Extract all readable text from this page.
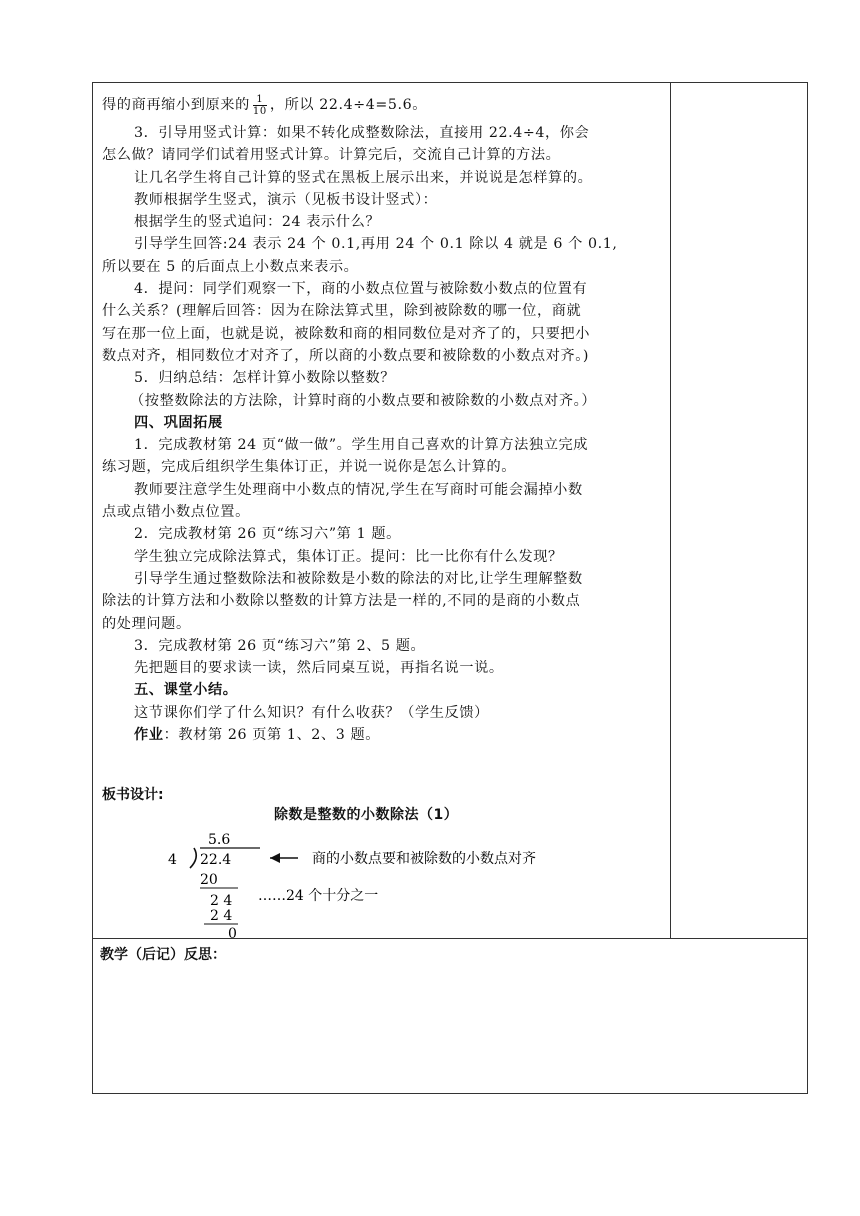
得的商再缩小到原来的 $\frac{1}{10}$ ，所以 22.4÷4=5.6。
3．引导用竖式计算：如果不转化成整数除法，直接用 22.4÷4，你会
怎么做？请同学们试着用竖式计算。计算完后，交流自己计算的方法。
让几名学生将自己计算的竖式在黑板上展示出来，并说说是怎样算的。
教师根据学生竖式，演示（见板书设计竖式）：
根据学生的竖式追问：24 表示什么？
引导学生回答:24 表示 24 个 0.1,再用 24 个 0.1 除以 4 就是 6 个 0.1,
所以要在 5 的后面点上小数点来表示。
4．提问：同学们观察一下，商的小数点位置与被除数小数点的位置有
什么关系？(理解后回答：因为在除法算式里，除到被除数的哪一位，商就
写在那一位上面，也就是说，被除数和商的相同数位是对齐了的，只要把小
数点对齐，相同数位才对齐了，所以商的小数点要和被除数的小数点对齐。)
5．归纳总结：怎样计算小数除以整数？
（按整数除法的方法除，计算时商的小数点要和被除数的小数点对齐。）
四、巩固拓展
1．完成教材第 24 页“做一做”。学生用自己喜欢的计算方法独立完成
练习题，完成后组织学生集体订正，并说一说你是怎么计算的。
教师要注意学生处理商中小数点的情况,学生在写商时可能会漏掉小数
点或点错小数点位置。
2．完成教材第 26 页“练习六”第 1 题。
学生独立完成除法算式，集体订正。提问：比一比你有什么发现？
引导学生通过整数除法和被除数是小数的除法的对比,让学生理解整数
除法的计算方法和小数除以整数的计算方法是一样的,不同的是商的小数点
的处理问题。
3．完成教材第 26 页“练习六”第 2、5 题。
先把题目的要求读一读，然后同桌互说，再指名说一说。
五、课堂小结。
这节课你们学了什么知识？有什么收获？（学生反馈）
作业：教材第 26 页第 1、2、3 题。
板书设计:
除数是整数的小数除法（1）
5.6
4 22.4
20
2 4
2 4
0
商的小数点要和被除数的小数点对齐
……24 个十分之一
教学（后记）反思：
